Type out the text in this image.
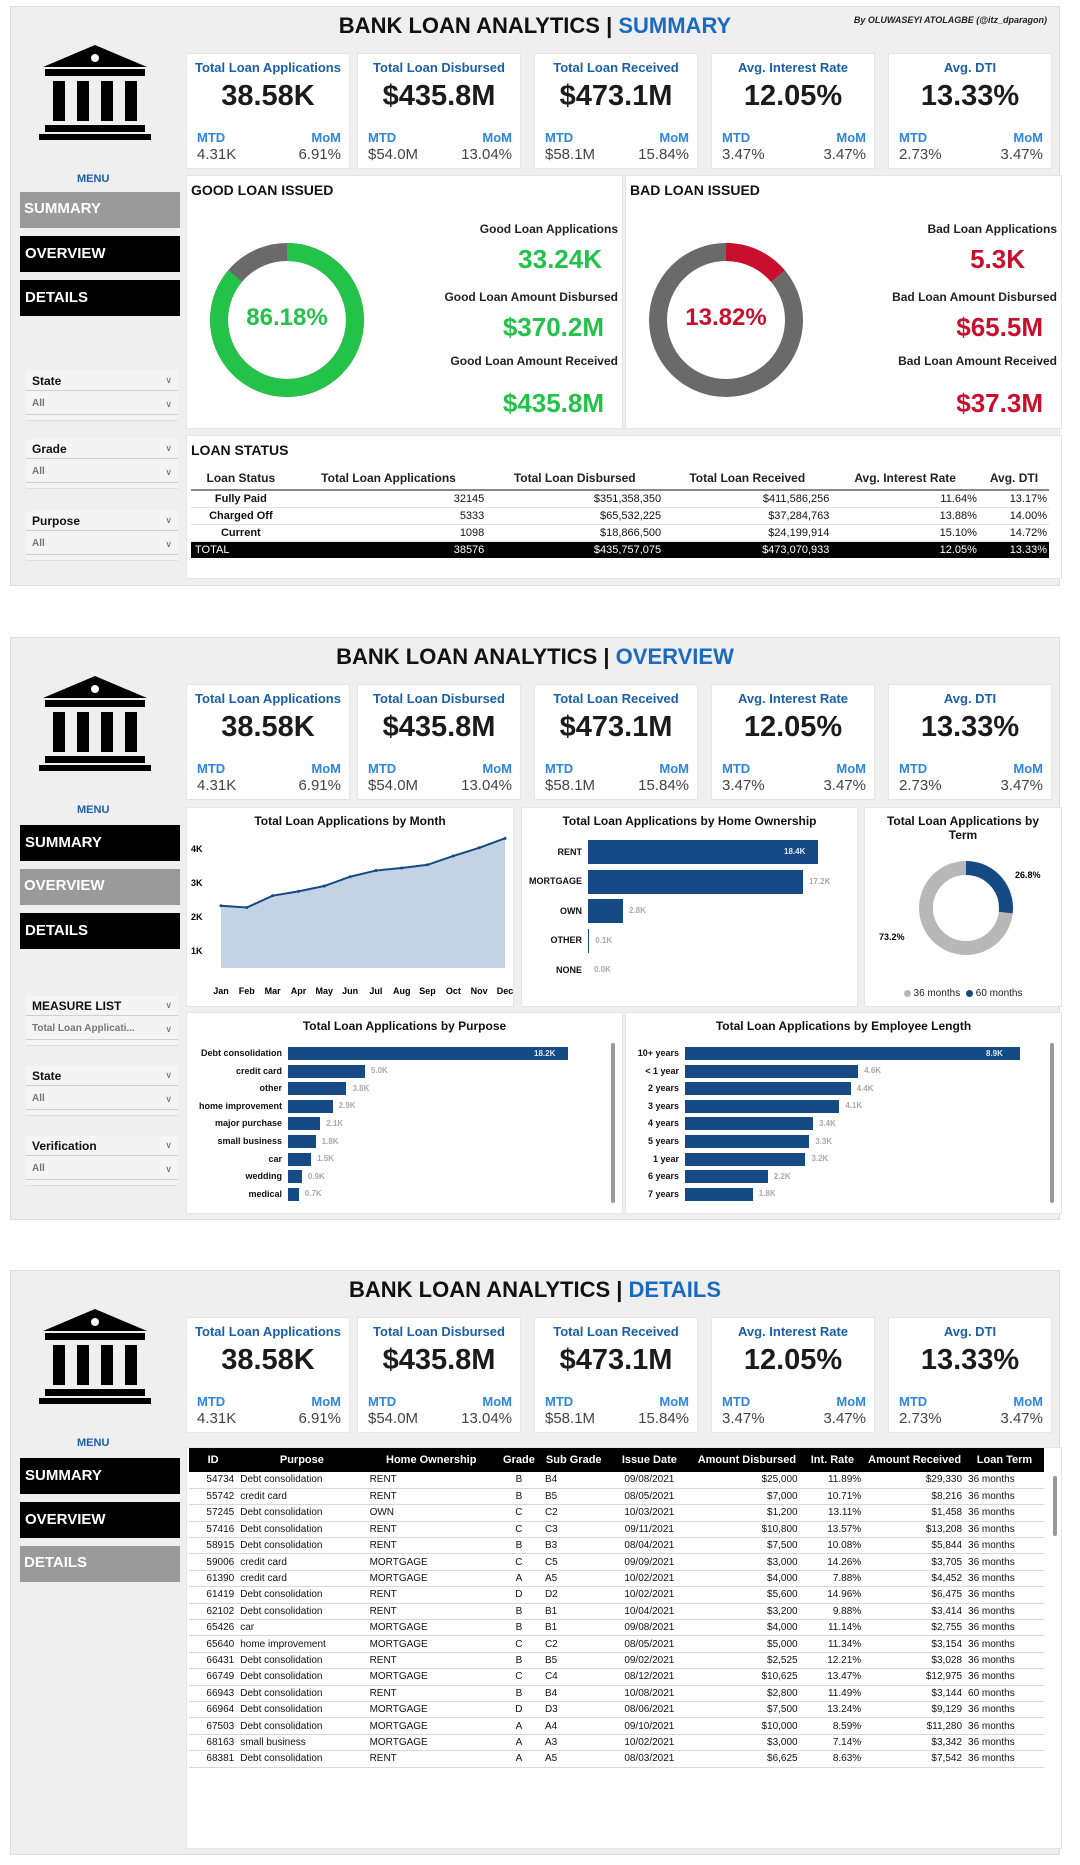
BANK LOAN ANALYTICS | SUMMARY	By OLUWASEYI ATOLAGBE (@itz_dparagon)
SUMMARY
OVERVIEW
DETAILS
State	∨
All	∨
Grade	∨
All	∨
Purpose	∨
All	∨
GOOD LOAN ISSUED
86.18%
Good Loan Applications
33.24K
Good Loan Amount Disbursed
$370.2M
Good Loan Amount Received
$435.8M
BAD LOAN ISSUED
13.82%
Bad Loan Applications
5.3K
Bad Loan Amount Disbursed
$65.5M
Bad Loan Amount Received
$37.3M
LOAN STATUS
Loan Status	Total Loan Applications	Total Loan Disbursed	Total Loan Received	Avg. Interest Rate	Avg. DTI
Fully Paid	32145	$351,358,350	$411,586,256	11.64%	13.17%
Charged Off	5333	$65,532,225	$37,284,763	13.88%	14.00%
Current	1098	$18,866,500	$24,199,914	15.10%	14.72%
TOTAL	38576	$435,757,075	$473,070,933	12.05%	13.33%
MENU
Total Loan Applications
38.58K
MTD
4.31K
MoM
6.91%
Total Loan Disbursed
$435.8M
MTD
$54.0M
MoM
13.04%
Total Loan Received
$473.1M
MTD
$58.1M
MoM
15.84%
Avg. Interest Rate
12.05%
MTD
3.47%
MoM
3.47%
Avg. DTI
13.33%
MTD
2.73%
MoM
3.47%
BANK LOAN ANALYTICS | OVERVIEW
SUMMARY
OVERVIEW
DETAILS
MEASURE LIST	∨
Total Loan Applicati...	∨
State	∨
All	∨
Verification	∨
All	∨
Total Loan Applications by Month
1K
2K
3K
4K
Jan Feb Mar Apr May Jun Jul Aug Sep Oct Nov Dec
Total Loan Applications by Home Ownership
RENT	18.4K
MORTGAGE	17.2K
OWN	2.8K
OTHER 0.1K
NONE 0.0K
Total Loan Applications by Term
26.8%
73.2%
36 months 60 months
Total Loan Applications by Purpose
Debt consolidation	18.2K
credit card	5.0K
other	3.8K
home improvement	2.9K
major purchase	2.1K
small business	1.8K
car	1.5K
wedding	0.9K
medical	0.7K
Total Loan Applications by Employee Length
10+ years	8.9K
< 1 year	4.6K
2 years	4.4K
3 years	4.1K
4 years	3.4K
5 years	3.3K
1 year	3.2K
6 years	2.2K
7 years	1.8K
MENU
Total Loan Applications
38.58K
MTD
4.31K
MoM
6.91%
Total Loan Disbursed
$435.8M
MTD
$54.0M
MoM
13.04%
Total Loan Received
$473.1M
MTD
$58.1M
MoM
15.84%
Avg. Interest Rate
12.05%
MTD
3.47%
MoM
3.47%
Avg. DTI
13.33%
MTD
2.73%
MoM
3.47%
BANK LOAN ANALYTICS | DETAILS
SUMMARY
OVERVIEW
DETAILS
ID	Purpose	Home Ownership	Grade	Sub Grade	Issue Date	Amount Disbursed	Int. Rate	Amount Received	Loan Term
54734	Debt consolidation	RENT	B	B4	09/08/2021	$25,000	11.89%	$29,330	36 months
55742	credit card	RENT	B	B5	08/05/2021	$7,000	10.71%	$8,216	36 months
57245	Debt consolidation	OWN	C	C2	10/03/2021	$1,200	13.11%	$1,458	36 months
57416	Debt consolidation	RENT	C	C3	09/11/2021	$10,800	13.57%	$13,208	36 months
58915	Debt consolidation	RENT	B	B3	08/04/2021	$7,500	10.08%	$5,844	36 months
59006	credit card	MORTGAGE	C	C5	09/09/2021	$3,000	14.26%	$3,705	36 months
61390	credit card	MORTGAGE	A	A5	10/02/2021	$4,000	7.88%	$4,452	36 months
61419	Debt consolidation	RENT	D	D2	10/02/2021	$5,600	14.96%	$6,475	36 months
62102	Debt consolidation	RENT	B	B1	10/04/2021	$3,200	9.88%	$3,414	36 months
65426	car	MORTGAGE	B	B1	09/08/2021	$4,000	11.14%	$2,755	36 months
65640	home improvement	MORTGAGE	C	C2	08/05/2021	$5,000	11.34%	$3,154	36 months
66431	Debt consolidation	RENT	B	B5	09/02/2021	$2,525	12.21%	$3,028	36 months
66749	Debt consolidation	MORTGAGE	C	C4	08/12/2021	$10,625	13.47%	$12,975	36 months
66943	Debt consolidation	RENT	B	B4	10/08/2021	$2,800	11.49%	$3,144	60 months
66964	Debt consolidation	MORTGAGE	D	D3	08/06/2021	$7,500	13.24%	$9,129	36 months
67503	Debt consolidation	MORTGAGE	A	A4	09/10/2021	$10,000	8.59%	$11,280	36 months
68163	small business	MORTGAGE	A	A3	10/02/2021	$3,000	7.14%	$3,342	36 months
68381	Debt consolidation	RENT	A	A5	08/03/2021	$6,625	8.63%	$7,542	36 months
MENU
Total Loan Applications
38.58K
MTD
4.31K
MoM
6.91%
Total Loan Disbursed
$435.8M
MTD
$54.0M
MoM
13.04%
Total Loan Received
$473.1M
MTD
$58.1M
MoM
15.84%
Avg. Interest Rate
12.05%
MTD
3.47%
MoM
3.47%
Avg. DTI
13.33%
MTD
2.73%
MoM
3.47%
